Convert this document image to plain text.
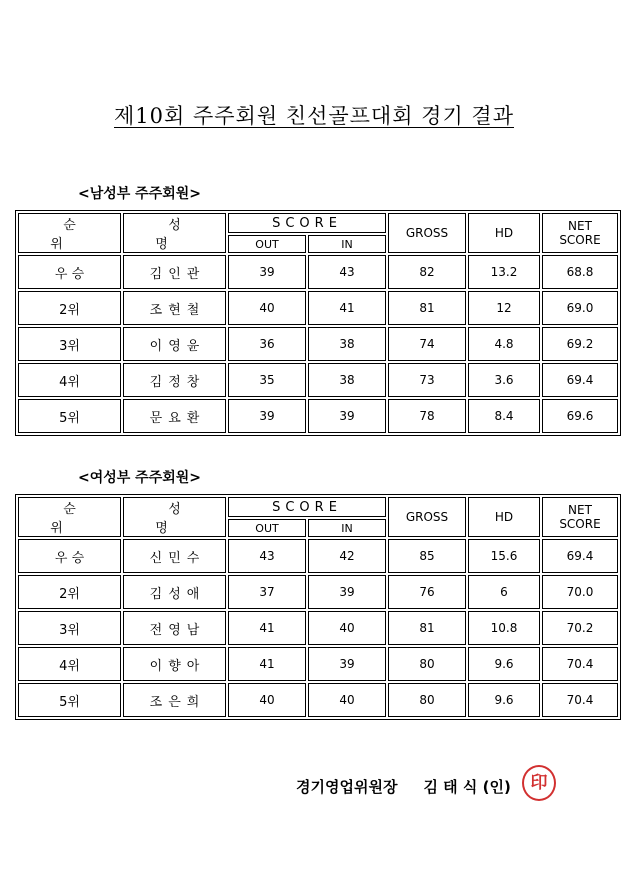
제10회 주주회원 친선골프대회 경기 결과
<남성부 주주회원>
순 위	성 명	SCORE		GROSS	HD	NET
SCORE
		OUT	IN			
우 승	김인관	39	43	82	13.2	68.8
2위	조현철	40	41	81	12	69.0
3위	이영윤	36	38	74	4.8	69.2
4위	김정창	35	38	73	3.6	69.4
5위	문요환	39	39	78	8.4	69.6
<여성부 주주회원>
순 위	성 명	SCORE		GROSS	HD	NET
SCORE
		OUT	IN			
우 승	신민수	43	42	85	15.6	69.4
2위	김성애	37	39	76	6	70.0
3위	전영남	41	40	81	10.8	70.2
4위	이향아	41	39	80	9.6	70.4
5위	조은희	40	40	80	9.6	70.4
경기영업위원장 김 태 식 (인)	印
